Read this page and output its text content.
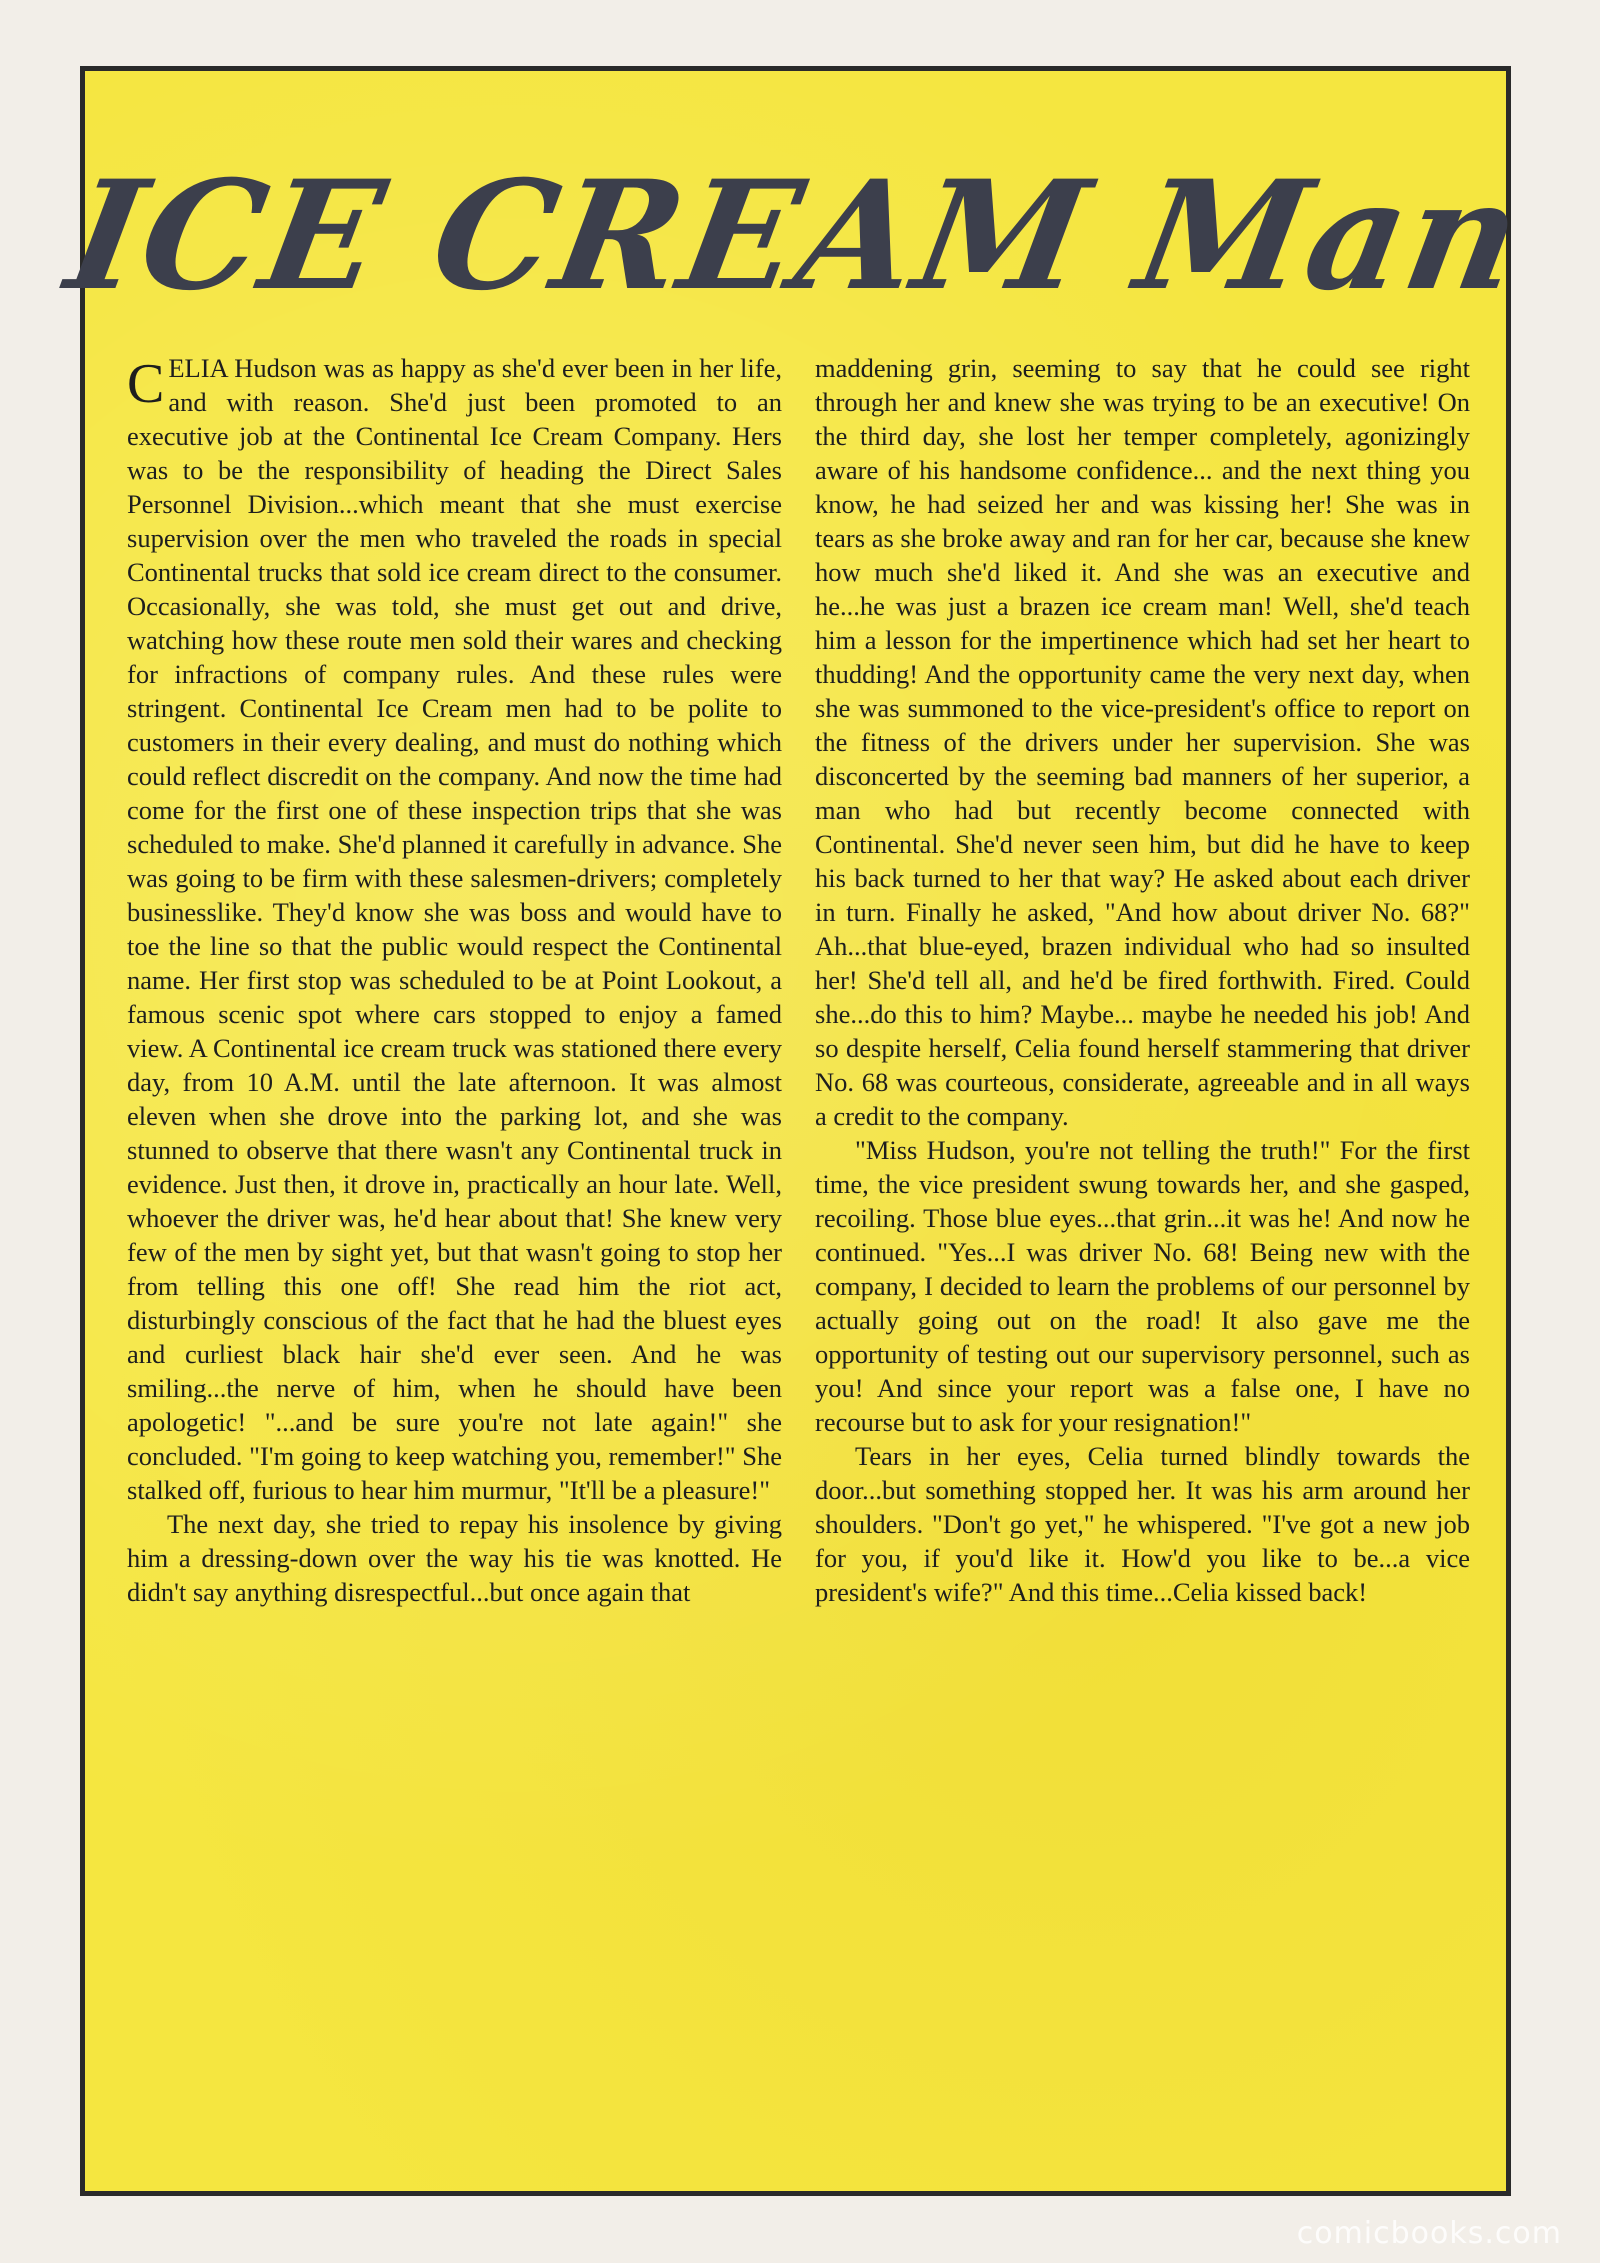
ICE CREAM Man

CELIA Hudson was as happy as she'd ever been in her life, and with reason. She'd just been promoted to an executive job at the Continental Ice Cream Company. Hers was to be the responsibility of heading the Direct Sales Personnel Division...which meant that she must exercise supervision over the men who traveled the roads in special Continental trucks that sold ice cream direct to the consumer. Occasionally, she was told, she must get out and drive, watching how these route men sold their wares and checking for infractions of company rules. And these rules were stringent. Continental Ice Cream men had to be polite to customers in their every dealing, and must do nothing which could reflect discredit on the company. And now the time had come for the first one of these inspection trips that she was scheduled to make. She'd planned it carefully in advance. She was going to be firm with these salesmen-drivers; completely businesslike. They'd know she was boss and would have to toe the line so that the public would respect the Continental name. Her first stop was scheduled to be at Point Lookout, a famous scenic spot where cars stopped to enjoy a famed view. A Continental ice cream truck was stationed there every day, from 10 A.M. until the late afternoon. It was almost eleven when she drove into the parking lot, and she was stunned to observe that there wasn't any Continental truck in evidence. Just then, it drove in, practically an hour late. Well, whoever the driver was, he'd hear about that! She knew very few of the men by sight yet, but that wasn't going to stop her from telling this one off! She read him the riot act, disturbingly conscious of the fact that he had the bluest eyes and curliest black hair she'd ever seen. And he was smiling...the nerve of him, when he should have been apologetic! "...and be sure you're not late again!" she concluded. "I'm going to keep watching you, remember!" She stalked off, furious to hear him murmur, "It'll be a pleasure!"

The next day, she tried to repay his insolence by giving him a dressing-down over the way his tie was knotted. He didn't say anything disrespectful...but once again that

maddening grin, seeming to say that he could see right through her and knew she was trying to be an executive! On the third day, she lost her temper completely, agonizingly aware of his handsome confidence... and the next thing you know, he had seized her and was kissing her! She was in tears as she broke away and ran for her car, because she knew how much she'd liked it. And she was an executive and he...he was just a brazen ice cream man! Well, she'd teach him a lesson for the impertinence which had set her heart to thudding! And the opportunity came the very next day, when she was summoned to the vice-president's office to report on the fitness of the drivers under her supervision. She was disconcerted by the seeming bad manners of her superior, a man who had but recently become connected with Continental. She'd never seen him, but did he have to keep his back turned to her that way? He asked about each driver in turn. Finally he asked, "And how about driver No. 68?" Ah...that blue-eyed, brazen individual who had so insulted her! She'd tell all, and he'd be fired forthwith. Fired. Could she...do this to him? Maybe... maybe he needed his job! And so despite herself, Celia found herself stammering that driver No. 68 was courteous, considerate, agreeable and in all ways a credit to the company.

"Miss Hudson, you're not telling the truth!" For the first time, the vice president swung towards her, and she gasped, recoiling. Those blue eyes...that grin...it was he! And now he continued. "Yes...I was driver No. 68! Being new with the company, I decided to learn the problems of our personnel by actually going out on the road! It also gave me the opportunity of testing out our supervisory personnel, such as you! And since your report was a false one, I have no recourse but to ask for your resignation!"

Tears in her eyes, Celia turned blindly towards the door...but something stopped her. It was his arm around her shoulders. "Don't go yet," he whispered. "I've got a new job for you, if you'd like it. How'd you like to be...a vice president's wife?" And this time...Celia kissed back!

comicbooks.com
